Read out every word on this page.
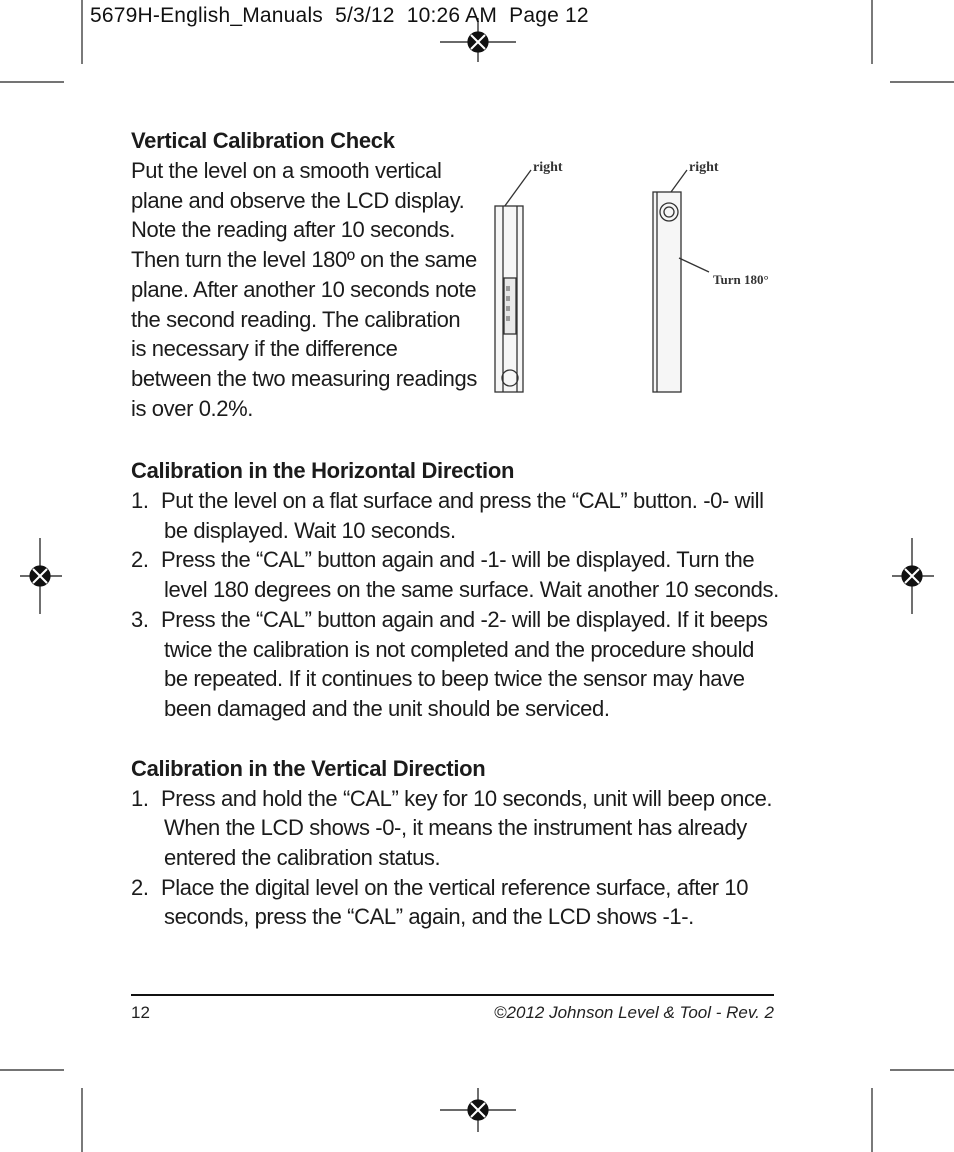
5679H-English_Manuals  5/3/12  10:26 AM  Page 12
Vertical Calibration Check
Put the level on a smooth vertical
plane and observe the LCD display.
Note the reading after 10 seconds.
Then turn the level 180º on the same
plane. After another 10 seconds note
the second reading. The calibration
is necessary if the difference
between the two measuring readings
is over 0.2%.
right	right
Turn 180°
Calibration in the Horizontal Direction
1. Put the level on a flat surface and press the “CAL” button. -0- will be displayed. Wait 10 seconds.
2. Press the “CAL” button again and -1- will be displayed. Turn the level 180 degrees on the same surface. Wait another 10 seconds.
3. Press the “CAL” button again and -2- will be displayed. If it beeps twice the calibration is not completed and the procedure should be repeated. If it continues to beep twice the sensor may have been damaged and the unit should be serviced.
Calibration in the Vertical Direction
1. Press and hold the “CAL” key for 10 seconds, unit will beep once. When the LCD shows -0-, it means the instrument has already entered the calibration status.
2. Place the digital level on the vertical reference surface, after 10 seconds, press the “CAL” again, and the LCD shows -1-.
12	©2012 Johnson Level & Tool - Rev. 2
